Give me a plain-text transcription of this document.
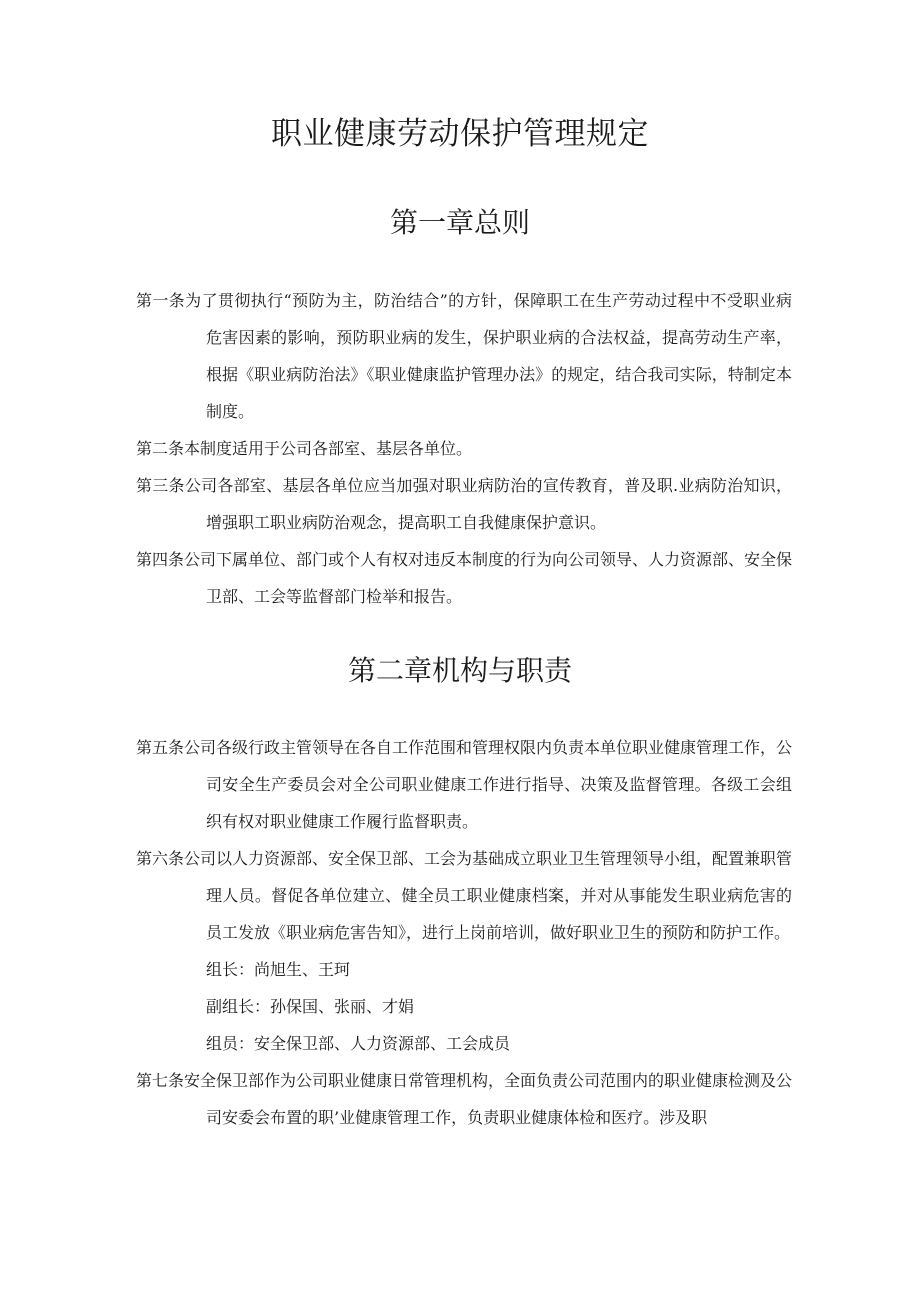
职业健康劳动保护管理规定
第一章总则

第一条为了贯彻执行“预防为主，防治结合”的方针，保障职工在生产劳动过程中不受职业病危害因素的影响，预防职业病的发生，保护职业病的合法权益，提高劳动生产率，根据《职业病防治法》《职业健康监护管理办法》的规定，结合我司实际，特制定本制度。

第二条本制度适用于公司各部室、基层各单位。

第三条公司各部室、基层各单位应当加强对职业病防治的宣传教育，普及职.业病防治知识，增强职工职业病防治观念，提高职工自我健康保护意识。

第四条公司下属单位、部门或个人有权对违反本制度的行为向公司领导、人力资源部、安全保卫部、工会等监督部门检举和报告。

第二章机构与职责

第五条公司各级行政主管领导在各自工作范围和管理权限内负责本单位职业健康管理工作，公司安全生产委员会对全公司职业健康工作进行指导、决策及监督管理。各级工会组织有权对职业健康工作履行监督职责。

第六条公司以人力资源部、安全保卫部、工会为基础成立职业卫生管理领导小组，配置兼职管理人员。督促各单位建立、健全员工职业健康档案，并对从事能发生职业病危害的员工发放《职业病危害告知》，进行上岗前培训，做好职业卫生的预防和防护工作。

组长：尚旭生、王珂

副组长：孙保国、张丽、才娟

组员：安全保卫部、人力资源部、工会成员

第七条安全保卫部作为公司职业健康日常管理机构，全面负责公司范围内的职业健康检测及公司安委会布置的职’业健康管理工作，负责职业健康体检和医疗。涉及职
